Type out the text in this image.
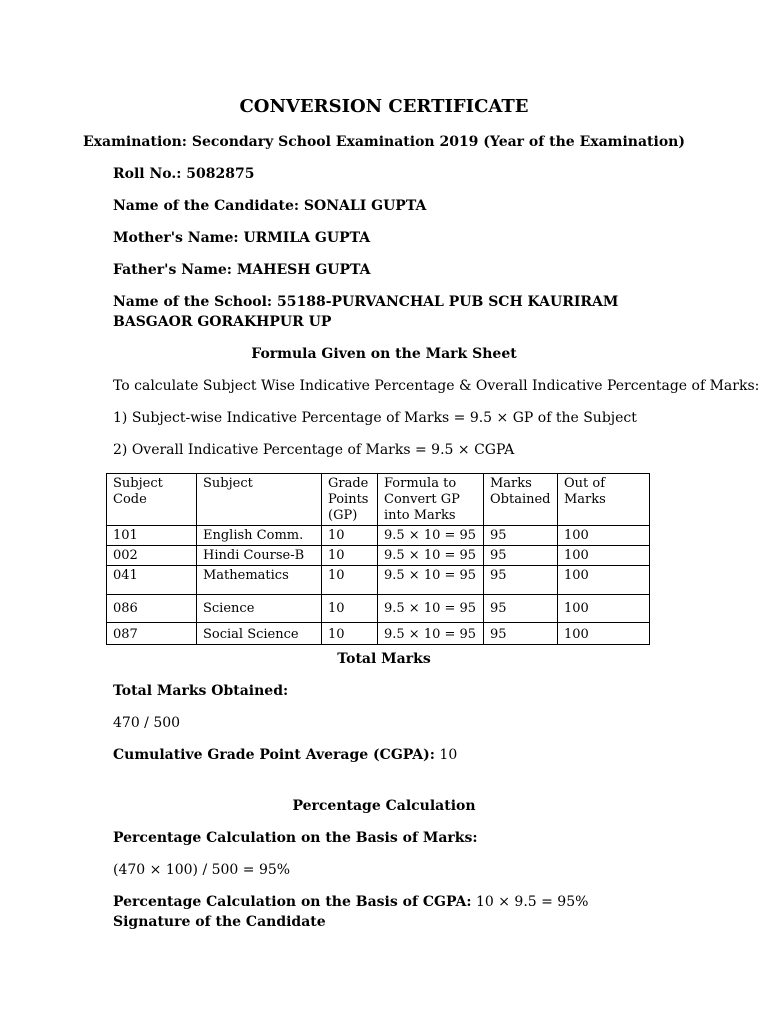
CONVERSION CERTIFICATE
Examination: Secondary School Examination 2019 (Year of the Examination)
Roll No.: 5082875
Name of the Candidate: SONALI GUPTA
Mother's Name: URMILA GUPTA
Father's Name: MAHESH GUPTA
Name of the School: 55188-PURVANCHAL PUB SCH KAURIRAM BASGAOR GORAKHPUR UP
Formula Given on the Mark Sheet
To calculate Subject Wise Indicative Percentage & Overall Indicative Percentage of Marks:
1) Subject-wise Indicative Percentage of Marks = 9.5 × GP of the Subject
2) Overall Indicative Percentage of Marks = 9.5 × CGPA
Subject Code	Subject	Grade Points (GP)	Formula to Convert GP into Marks	Marks Obtained	Out of Marks
101	English Comm.	10	9.5 × 10 = 95	95	100
002	Hindi Course-B	10	9.5 × 10 = 95	95	100
041	Mathematics	10	9.5 × 10 = 95	95	100
086	Science	10	9.5 × 10 = 95	95	100
087	Social Science	10	9.5 × 10 = 95	95	100
Total Marks
Total Marks Obtained:
470 / 500
Cumulative Grade Point Average (CGPA): 10
Percentage Calculation
Percentage Calculation on the Basis of Marks:
(470 × 100) / 500 = 95%
Percentage Calculation on the Basis of CGPA: 10 × 9.5 = 95%
Signature of the Candidate
